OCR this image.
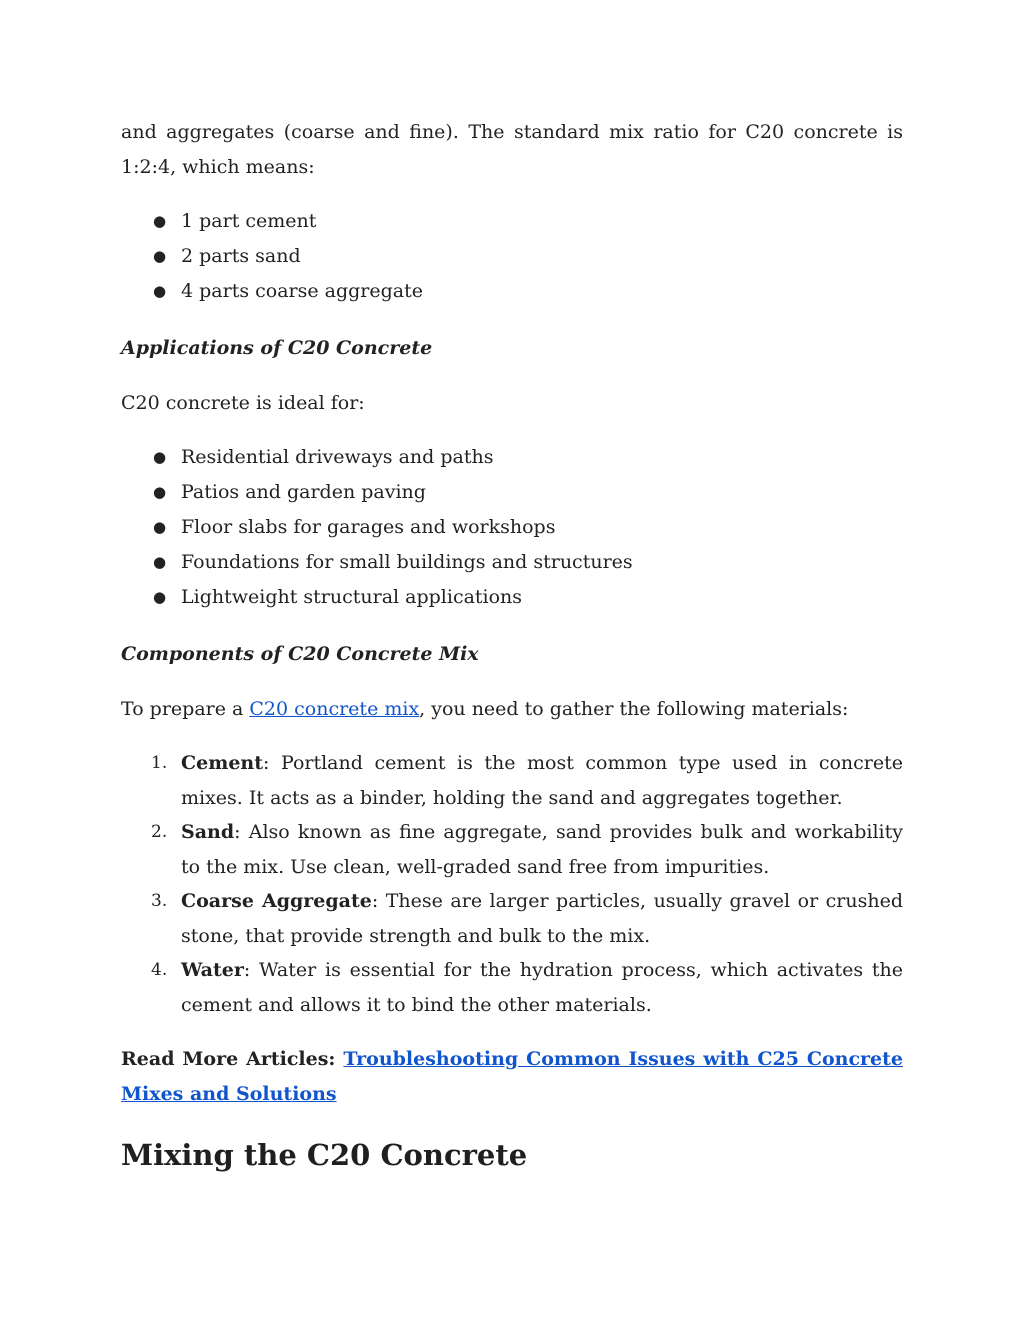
and aggregates (coarse and fine). The standard mix ratio for C20 concrete is 1:2:4, which means:

● 1 part cement
● 2 parts sand
● 4 parts coarse aggregate
Applications of C20 Concrete

C20 concrete is ideal for:

● Residential driveways and paths
● Patios and garden paving
● Floor slabs for garages and workshops
● Foundations for small buildings and structures
● Lightweight structural applications
Components of C20 Concrete Mix

To prepare a C20 concrete mix, you need to gather the following materials:

1. Cement: Portland cement is the most common type used in concrete mixes. It acts as a binder, holding the sand and aggregates together.
2. Sand: Also known as fine aggregate, sand provides bulk and workability to the mix. Use clean, well-graded sand free from impurities.
3. Coarse Aggregate: These are larger particles, usually gravel or crushed stone, that provide strength and bulk to the mix.
4. Water: Water is essential for the hydration process, which activates the cement and allows it to bind the other materials.

Read More Articles: Troubleshooting Common Issues with C25 Concrete Mixes and Solutions

Mixing the C20 Concrete
